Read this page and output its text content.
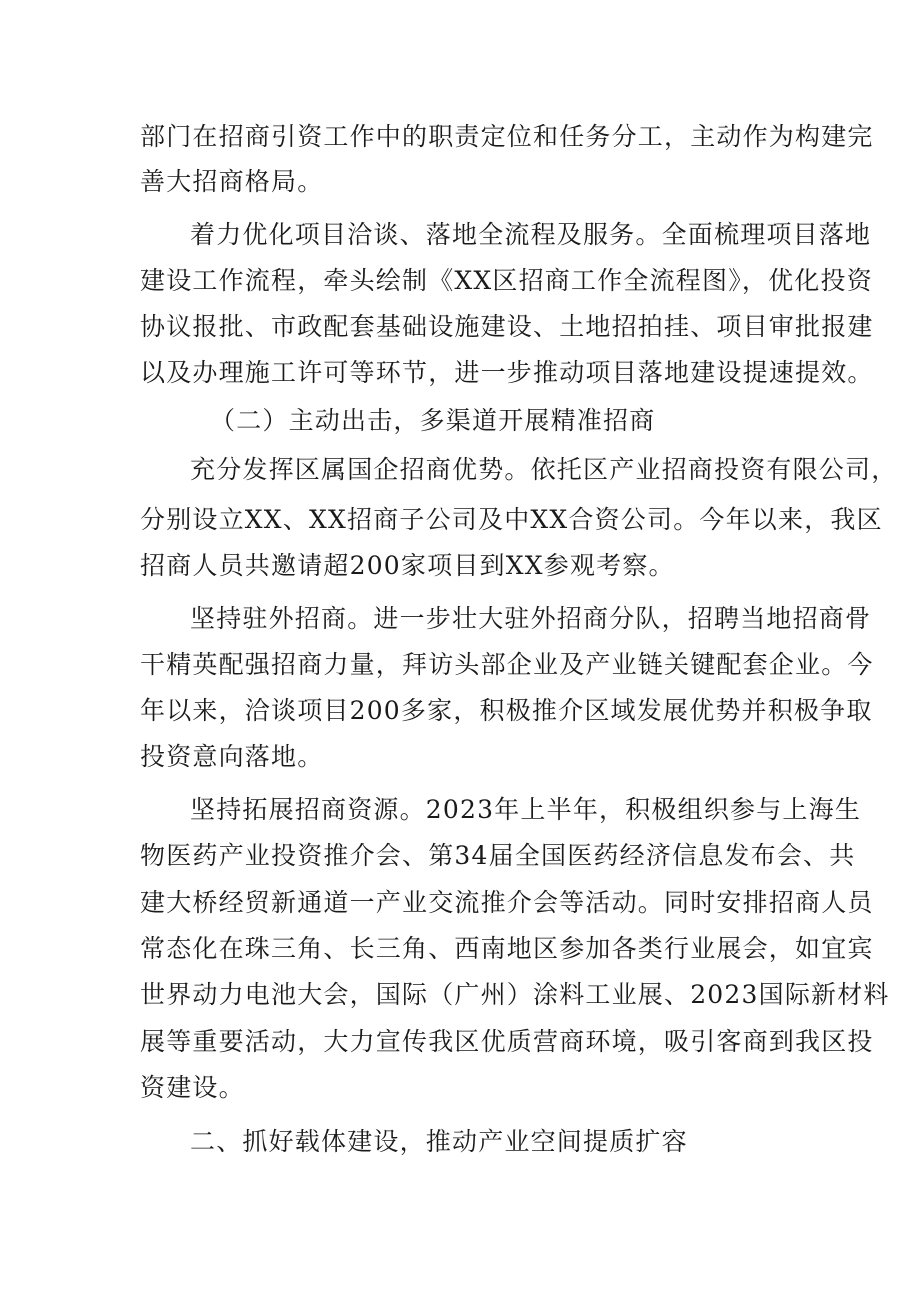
部门在招商引资工作中的职责定位和任务分工，主动作为构建完
善大招商格局。
着力优化项目洽谈、落地全流程及服务。全面梳理项目落地
建设工作流程，牵头绘制《XX区招商工作全流程图》，优化投资
协议报批、市政配套基础设施建设、土地招拍挂、项目审批报建
以及办理施工许可等环节，进一步推动项目落地建设提速提效。
（二）主动出击，多渠道开展精准招商
充分发挥区属国企招商优势。依托区产业招商投资有限公司，
分别设立XX、XX招商子公司及中XX合资公司。今年以来，我区
招商人员共邀请超200家项目到XX参观考察。
坚持驻外招商。进一步壮大驻外招商分队，招聘当地招商骨
干精英配强招商力量，拜访头部企业及产业链关键配套企业。今
年以来，洽谈项目200多家，积极推介区域发展优势并积极争取
投资意向落地。
坚持拓展招商资源。2023年上半年，积极组织参与上海生
物医药产业投资推介会、第34届全国医药经济信息发布会、共
建大桥经贸新通道一产业交流推介会等活动。同时安排招商人员
常态化在珠三角、长三角、西南地区参加各类行业展会，如宜宾
世界动力电池大会，国际（广州）涂料工业展、2023国际新材料
展等重要活动，大力宣传我区优质营商环境，吸引客商到我区投
资建设。
二、抓好载体建设，推动产业空间提质扩容
